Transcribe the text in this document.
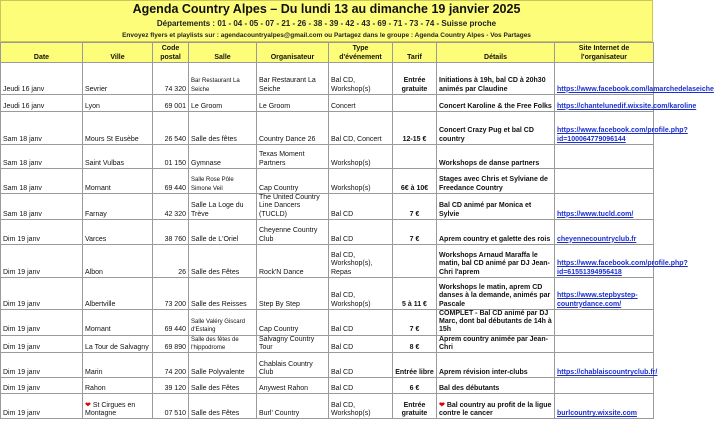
Agenda Country Alpes – Du lundi 13 au dimanche 19 janvier 2025
Départements : 01 - 04 - 05 - 07 - 21 - 26 - 38 - 39 - 42 - 43 - 69 - 71 - 73 - 74 - Suisse proche
Envoyez flyers et playlists sur : agendacountryalpes@gmail.com ou Partagez dans le groupe : Agenda Country Alpes - Vos Partages
Date	Ville	Code postal	Salle	Organisateur	Type d'événement	Tarif	Détails	Site Internet de l'organisateur
Jeudi 16 janv	Sevrier	74 320	Bar Restaurant La Seiche	Bar Restaurant La Seiche	Bal CD, Workshop(s)	Entrée gratuite	Initiations à 19h, bal CD à 20h30 animés par Claudine	https://www.facebook.com/lamarchedelaseiche
Jeudi 16 janv	Lyon	69 001	Le Groom	Le Groom	Concert		Concert Karoline & the Free Folks	https://chantelunedif.wixsite.com/karoline
Sam 18 janv	Mours St Eusèbe	26 540	Salle des fêtes	Country Dance 26	Bal CD, Concert	12-15 €	Concert Crazy Pug et bal CD country	https://www.facebook.com/profile.php?id=100064779096144
Sam 18 janv	Saint Vulbas	01 150	Gymnase	Texas Moment Partners	Workshop(s)		Workshops de danse partners	
Sam 18 janv	Mornant	69 440	Salle Rose Pôle Simone Veil	Cap Country	Workshop(s)	6€ à 10€	Stages avec Chris et Sylviane de Freedance Country	
Sam 18 janv	Farnay	42 320	Salle La Loge du Trève	The United Country Line Dancers (TUCLD)	Bal CD	7 €	Bal CD animé par Monica et Sylvie	https://www.tucld.com/
Dim 19 janv	Varces	38 760	Salle de L'Oriel	Cheyenne Country Club	Bal CD	7 €	Aprem country et galette des rois	cheyennecountryclub.fr
Dim 19 janv	Albon	26	Salle des Fêtes	Rock'N Dance	Bal CD, Workshop(s), Repas		Workshops Arnaud Maraffa le matin, bal CD animé par DJ Jean-Chri l'aprem	https://www.facebook.com/profile.php?id=61551394956418
Dim 19 janv	Albertville	73 200	Salle des Reisses	Step By Step	Bal CD, Workshop(s)	5 à 11 €	Workshops le matin, aprem CD danses à la demande, animés par Pascale	https://www.stepbystep-countrydance.com/
Dim 19 janv	Mornant	69 440	Salle Valéry Giscard d'Estaing	Cap Country	Bal CD	7 €	COMPLET - Bal CD animé par DJ Marc, dont bal débutants de 14h à 15h	
Dim 19 janv	La Tour de Salvagny	69 890	Salle des fêtes de l'hippodrome	Salvagny Country Tour	Bal CD	8 €	Aprem country animée par Jean-Chri	
Dim 19 janv	Marin	74 200	Salle Polyvalente	Chablais Country Club	Bal CD	Entrée libre	Aprem révision inter-clubs	https://chablaiscountryclub.fr/
Dim 19 janv	Rahon	39 120	Salle des Fêtes	Anywest Rahon	Bal CD	6 €	Bal des débutants	
Dim 19 janv	❤ St Cirgues en Montagne	07 510	Salle des Fêtes	Burl' Country	Bal CD, Workshop(s)	Entrée gratuite	❤ Bal country au profit de la ligue contre le cancer	burlcountry.wixsite.com
